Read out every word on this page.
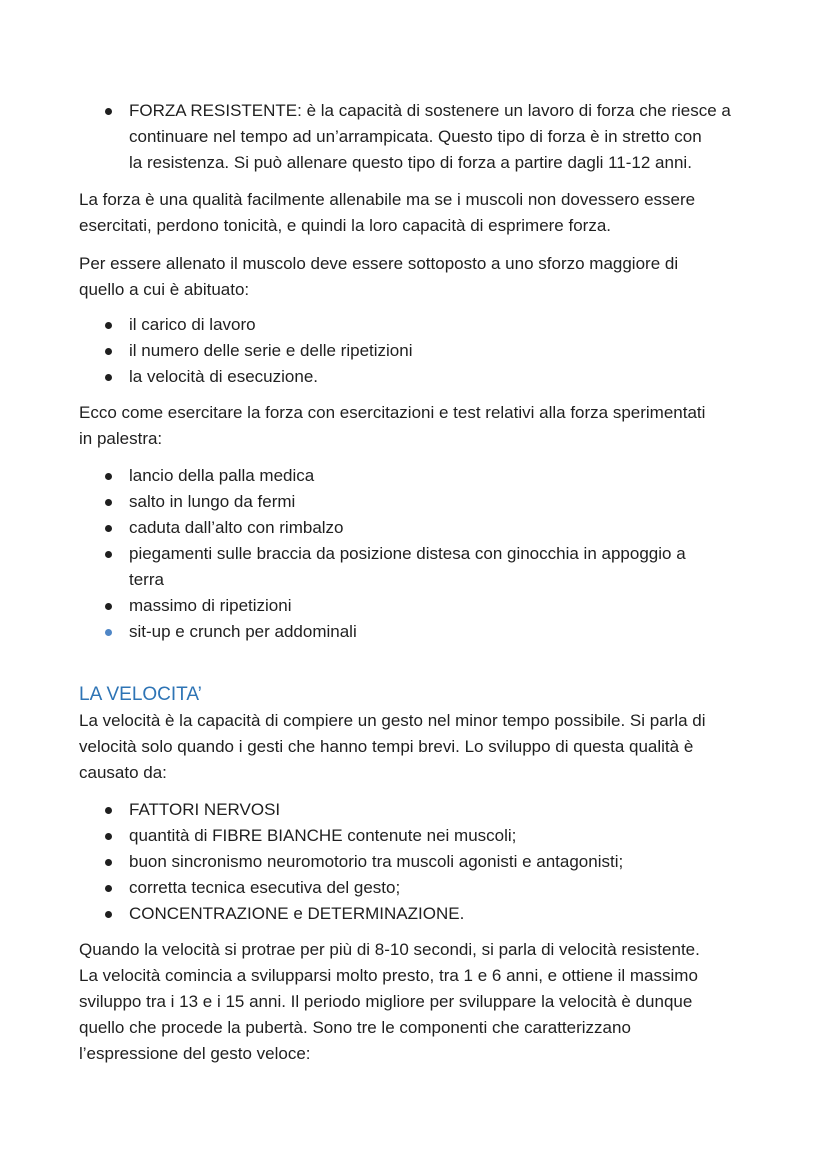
FORZA RESISTENTE: è la capacità di sostenere un lavoro di forza che riesce a
continuare nel tempo ad un’arrampicata. Questo tipo di forza è in stretto con
la resistenza. Si può allenare questo tipo di forza a partire dagli 11-12 anni.

La forza è una qualità facilmente allenabile ma se i muscoli non dovessero essere
esercitati, perdono tonicità, e quindi la loro capacità di esprimere forza.

Per essere allenato il muscolo deve essere sottoposto a uno sforzo maggiore di
quello a cui è abituato:

il carico di lavoro
il numero delle serie e delle ripetizioni
la velocità di esecuzione.

Ecco come esercitare la forza con esercitazioni e test relativi alla forza sperimentati
in palestra:

lancio della palla medica
salto in lungo da fermi
caduta dall’alto con rimbalzo
piegamenti sulle braccia da posizione distesa con ginocchia in appoggio a
terra
massimo di ripetizioni
sit-up e crunch per addominali
LA VELOCITA’

La velocità è la capacità di compiere un gesto nel minor tempo possibile. Si parla di
velocità solo quando i gesti che hanno tempi brevi. Lo sviluppo di questa qualità è
causato da:

FATTORI NERVOSI
quantità di FIBRE BIANCHE contenute nei muscoli;
buon sincronismo neuromotorio tra muscoli agonisti e antagonisti;
corretta tecnica esecutiva del gesto;
CONCENTRAZIONE e DETERMINAZIONE.

Quando la velocità si protrae per più di 8-10 secondi, si parla di velocità resistente.
La velocità comincia a svilupparsi molto presto, tra 1 e 6 anni, e ottiene il massimo
sviluppo tra i 13 e i 15 anni. Il periodo migliore per sviluppare la velocità è dunque
quello che procede la pubertà. Sono tre le componenti che caratterizzano
l’espressione del gesto veloce:
